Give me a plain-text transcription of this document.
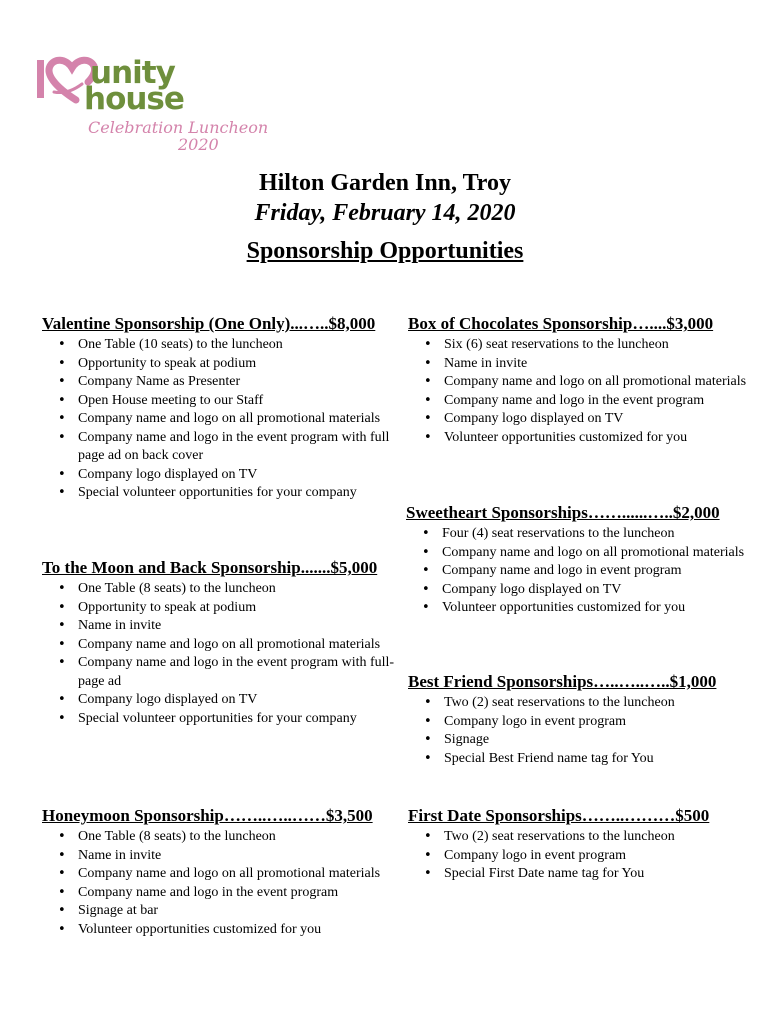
unity
house
Celebration Luncheon
2020
Hilton Garden Inn, Troy
Friday, February 14, 2020
Sponsorship Opportunities
Valentine Sponsorship (One Only)...…..$8,000
• One Table (10 seats) to the luncheon
• Opportunity to speak at podium
• Company Name as Presenter
• Open House meeting to our Staff
• Company name and logo on all promotional materials
• Company name and logo in the event program with full page ad on back cover
• Company logo displayed on TV
• Special volunteer opportunities for your company
To the Moon and Back Sponsorship.......$5,000
• One Table (8 seats) to the luncheon
• Opportunity to speak at podium
• Name in invite
• Company name and logo on all promotional materials
• Company name and logo in the event program with full-page ad
• Company logo displayed on TV
• Special volunteer opportunities for your company
Honeymoon Sponsorship……..…..……$3,500
• One Table (8 seats) to the luncheon
• Name in invite
• Company name and logo on all promotional materials
• Company name and logo in the event program
• Signage at bar
• Volunteer opportunities customized for you
Box of Chocolates Sponsorship…....$3,000
• Six (6) seat reservations to the luncheon
• Name in invite
• Company name and logo on all promotional materials
• Company name and logo in the event program
• Company logo displayed on TV
• Volunteer opportunities customized for you
Sweetheart Sponsorships……......…..$2,000
• Four (4) seat reservations to the luncheon
• Company name and logo on all promotional materials
• Company name and logo in event program
• Company logo displayed on TV
• Volunteer opportunities customized for you
Best Friend Sponsorships…..…..…..$1,000
• Two (2) seat reservations to the luncheon
• Company logo in event program
• Signage
• Special Best Friend name tag for You
First Date Sponsorships……..………$500
• Two (2) seat reservations to the luncheon
• Company logo in event program
• Special First Date name tag for You
